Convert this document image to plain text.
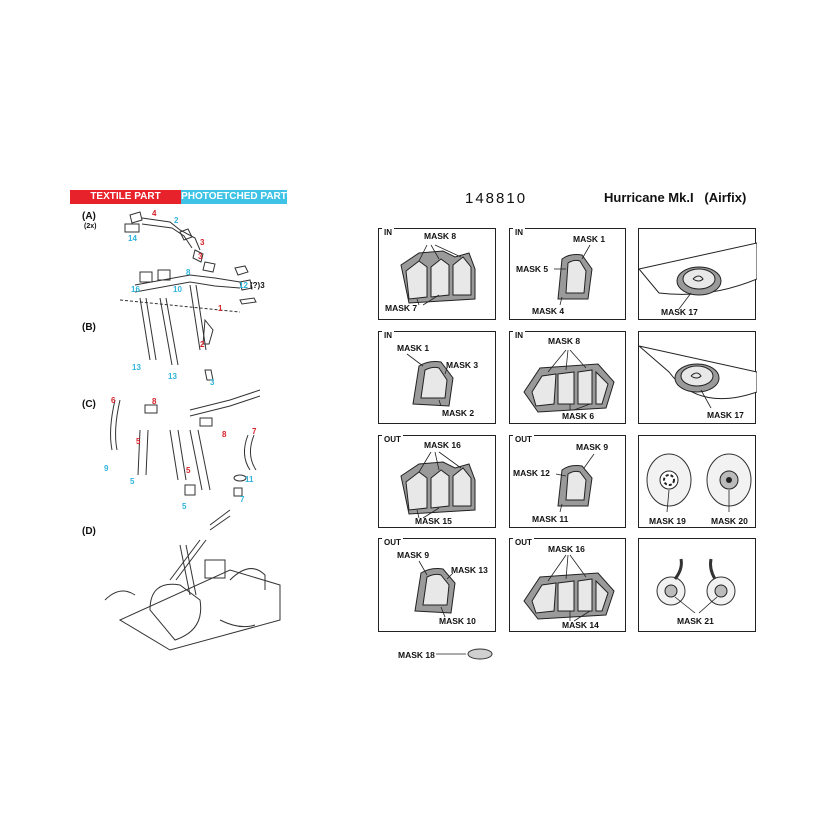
TEXTILE PART	PHOTOETCHED PART	148810	Hurricane Mk.I   (Airfix)
(A)
(2x)
(B)
(C)
(D)
4
2
14	3
3
8
16	10	12 (?)3
1
2
13
13
3
6	8
5
8	7
9	5
5	11
5
7
IN	MASK 8
MASK 7
IN
MASK 1
MASK 5
MASK 4	MASK 17
IN
MASK 1
MASK 3
MASK 2
IN
MASK 8
MASK 6	MASK 17
OUT
MASK 16
MASK 15
OUT
MASK 9
MASK 12
MASK 11	MASK 19	MASK 20
OUT
MASK 9
MASK 13
MASK 10
OUT
MASK 16
MASK 14	MASK 21
MASK 18
